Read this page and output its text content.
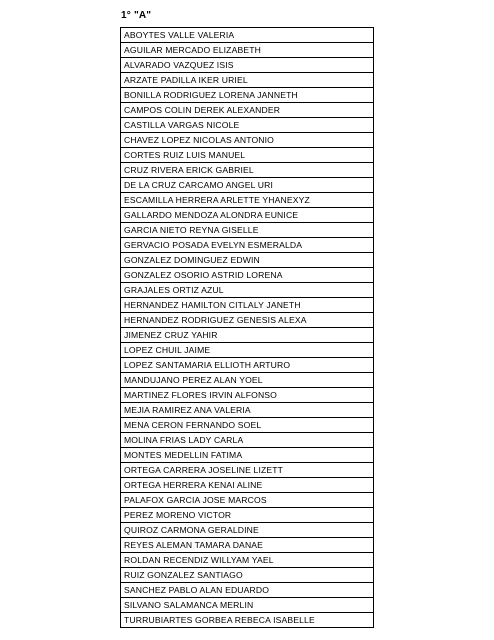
1° "A"
ABOYTES VALLE VALERIA
AGUILAR MERCADO ELIZABETH
ALVARADO VAZQUEZ ISIS
ARZATE PADILLA IKER URIEL
BONILLA RODRIGUEZ LORENA JANNETH
CAMPOS COLIN DEREK ALEXANDER
CASTILLA VARGAS NICOLE
CHAVEZ LOPEZ NICOLAS ANTONIO
CORTES RUIZ LUIS MANUEL
CRUZ RIVERA ERICK GABRIEL
DE LA CRUZ CARCAMO ANGEL URI
ESCAMILLA HERRERA ARLETTE YHANEXYZ
GALLARDO MENDOZA ALONDRA EUNICE
GARCIA NIETO REYNA GISELLE
GERVACIO POSADA EVELYN ESMERALDA
GONZALEZ DOMINGUEZ EDWIN
GONZALEZ OSORIO ASTRID LORENA
GRAJALES ORTIZ AZUL
HERNANDEZ HAMILTON CITLALY JANETH
HERNANDEZ RODRIGUEZ GENESIS ALEXA
JIMENEZ CRUZ YAHIR
LOPEZ CHUIL JAIME
LOPEZ SANTAMARIA ELLIOTH ARTURO
MANDUJANO PEREZ ALAN YOEL
MARTINEZ FLORES IRVIN ALFONSO
MEJIA RAMIREZ ANA VALERIA
MENA CERON FERNANDO SOEL
MOLINA FRIAS LADY CARLA
MONTES MEDELLIN FATIMA
ORTEGA CARRERA JOSELINE LIZETT
ORTEGA HERRERA KENAI ALINE
PALAFOX GARCIA JOSE MARCOS
PEREZ MORENO VICTOR
QUIROZ CARMONA GERALDINE
REYES ALEMAN TAMARA DANAE
ROLDAN RECENDIZ WILLYAM YAEL
RUIZ GONZALEZ SANTIAGO
SANCHEZ PABLO ALAN EDUARDO
SILVANO SALAMANCA MERLIN
TURRUBIARTES GORBEA REBECA ISABELLE
